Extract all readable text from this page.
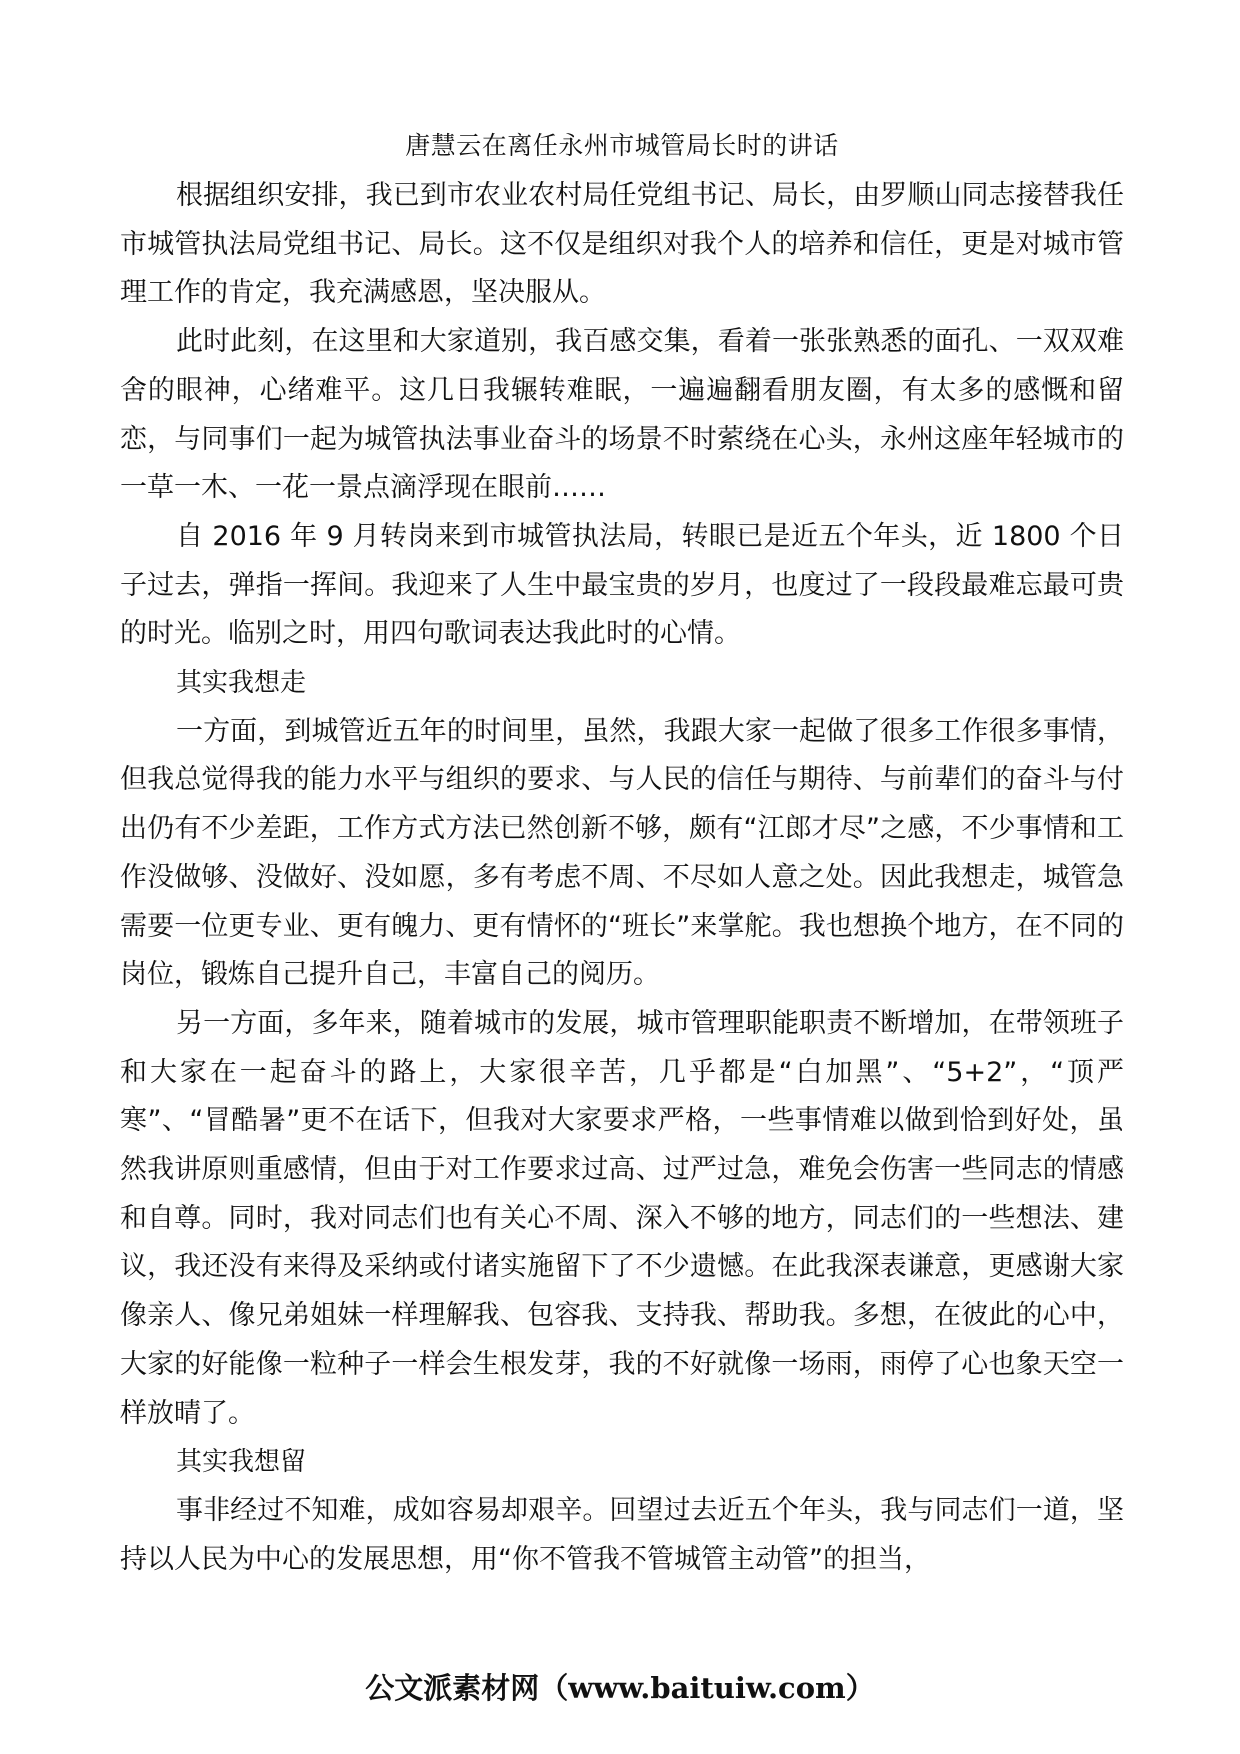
唐慧云在离任永州市城管局长时的讲话

根据组织安排，我已到市农业农村局任党组书记、局长，由罗顺山同志接替我任市城管执法局党组书记、局长。这不仅是组织对我个人的培养和信任，更是对城市管理工作的肯定，我充满感恩，坚决服从。

此时此刻，在这里和大家道别，我百感交集，看着一张张熟悉的面孔、一双双难舍的眼神，心绪难平。这几日我辗转难眠，一遍遍翻看朋友圈，有太多的感慨和留恋，与同事们一起为城管执法事业奋斗的场景不时萦绕在心头，永州这座年轻城市的一草一木、一花一景点滴浮现在眼前……

自 2016 年 9 月转岗来到市城管执法局，转眼已是近五个年头，近 1800 个日子过去，弹指一挥间。我迎来了人生中最宝贵的岁月，也度过了一段段最难忘最可贵的时光。临别之时，用四句歌词表达我此时的心情。

其实我想走

一方面，到城管近五年的时间里，虽然，我跟大家一起做了很多工作很多事情，但我总觉得我的能力水平与组织的要求、与人民的信任与期待、与前辈们的奋斗与付出仍有不少差距，工作方式方法已然创新不够，颇有“江郎才尽”之感，不少事情和工作没做够、没做好、没如愿，多有考虑不周、不尽如人意之处。因此我想走，城管急需要一位更专业、更有魄力、更有情怀的“班长”来掌舵。我也想换个地方，在不同的岗位，锻炼自己提升自己，丰富自己的阅历。

另一方面，多年来，随着城市的发展，城市管理职能职责不断增加，在带领班子和大家在一起奋斗的路上，大家很辛苦，几乎都是“白加黑”、“5+2”，“顶严寒”、“冒酷暑”更不在话下，但我对大家要求严格，一些事情难以做到恰到好处，虽然我讲原则重感情，但由于对工作要求过高、过严过急，难免会伤害一些同志的情感和自尊。同时，我对同志们也有关心不周、深入不够的地方，同志们的一些想法、建议，我还没有来得及采纳或付诸实施留下了不少遗憾。在此我深表谦意，更感谢大家像亲人、像兄弟姐妹一样理解我、包容我、支持我、帮助我。多想，在彼此的心中，大家的好能像一粒种子一样会生根发芽，我的不好就像一场雨，雨停了心也象天空一样放晴了。

其实我想留

事非经过不知难，成如容易却艰辛。回望过去近五个年头，我与同志们一道，坚持以人民为中心的发展思想，用“你不管我不管城管主动管”的担当，

公文派素材网（www.baituiw.com）
